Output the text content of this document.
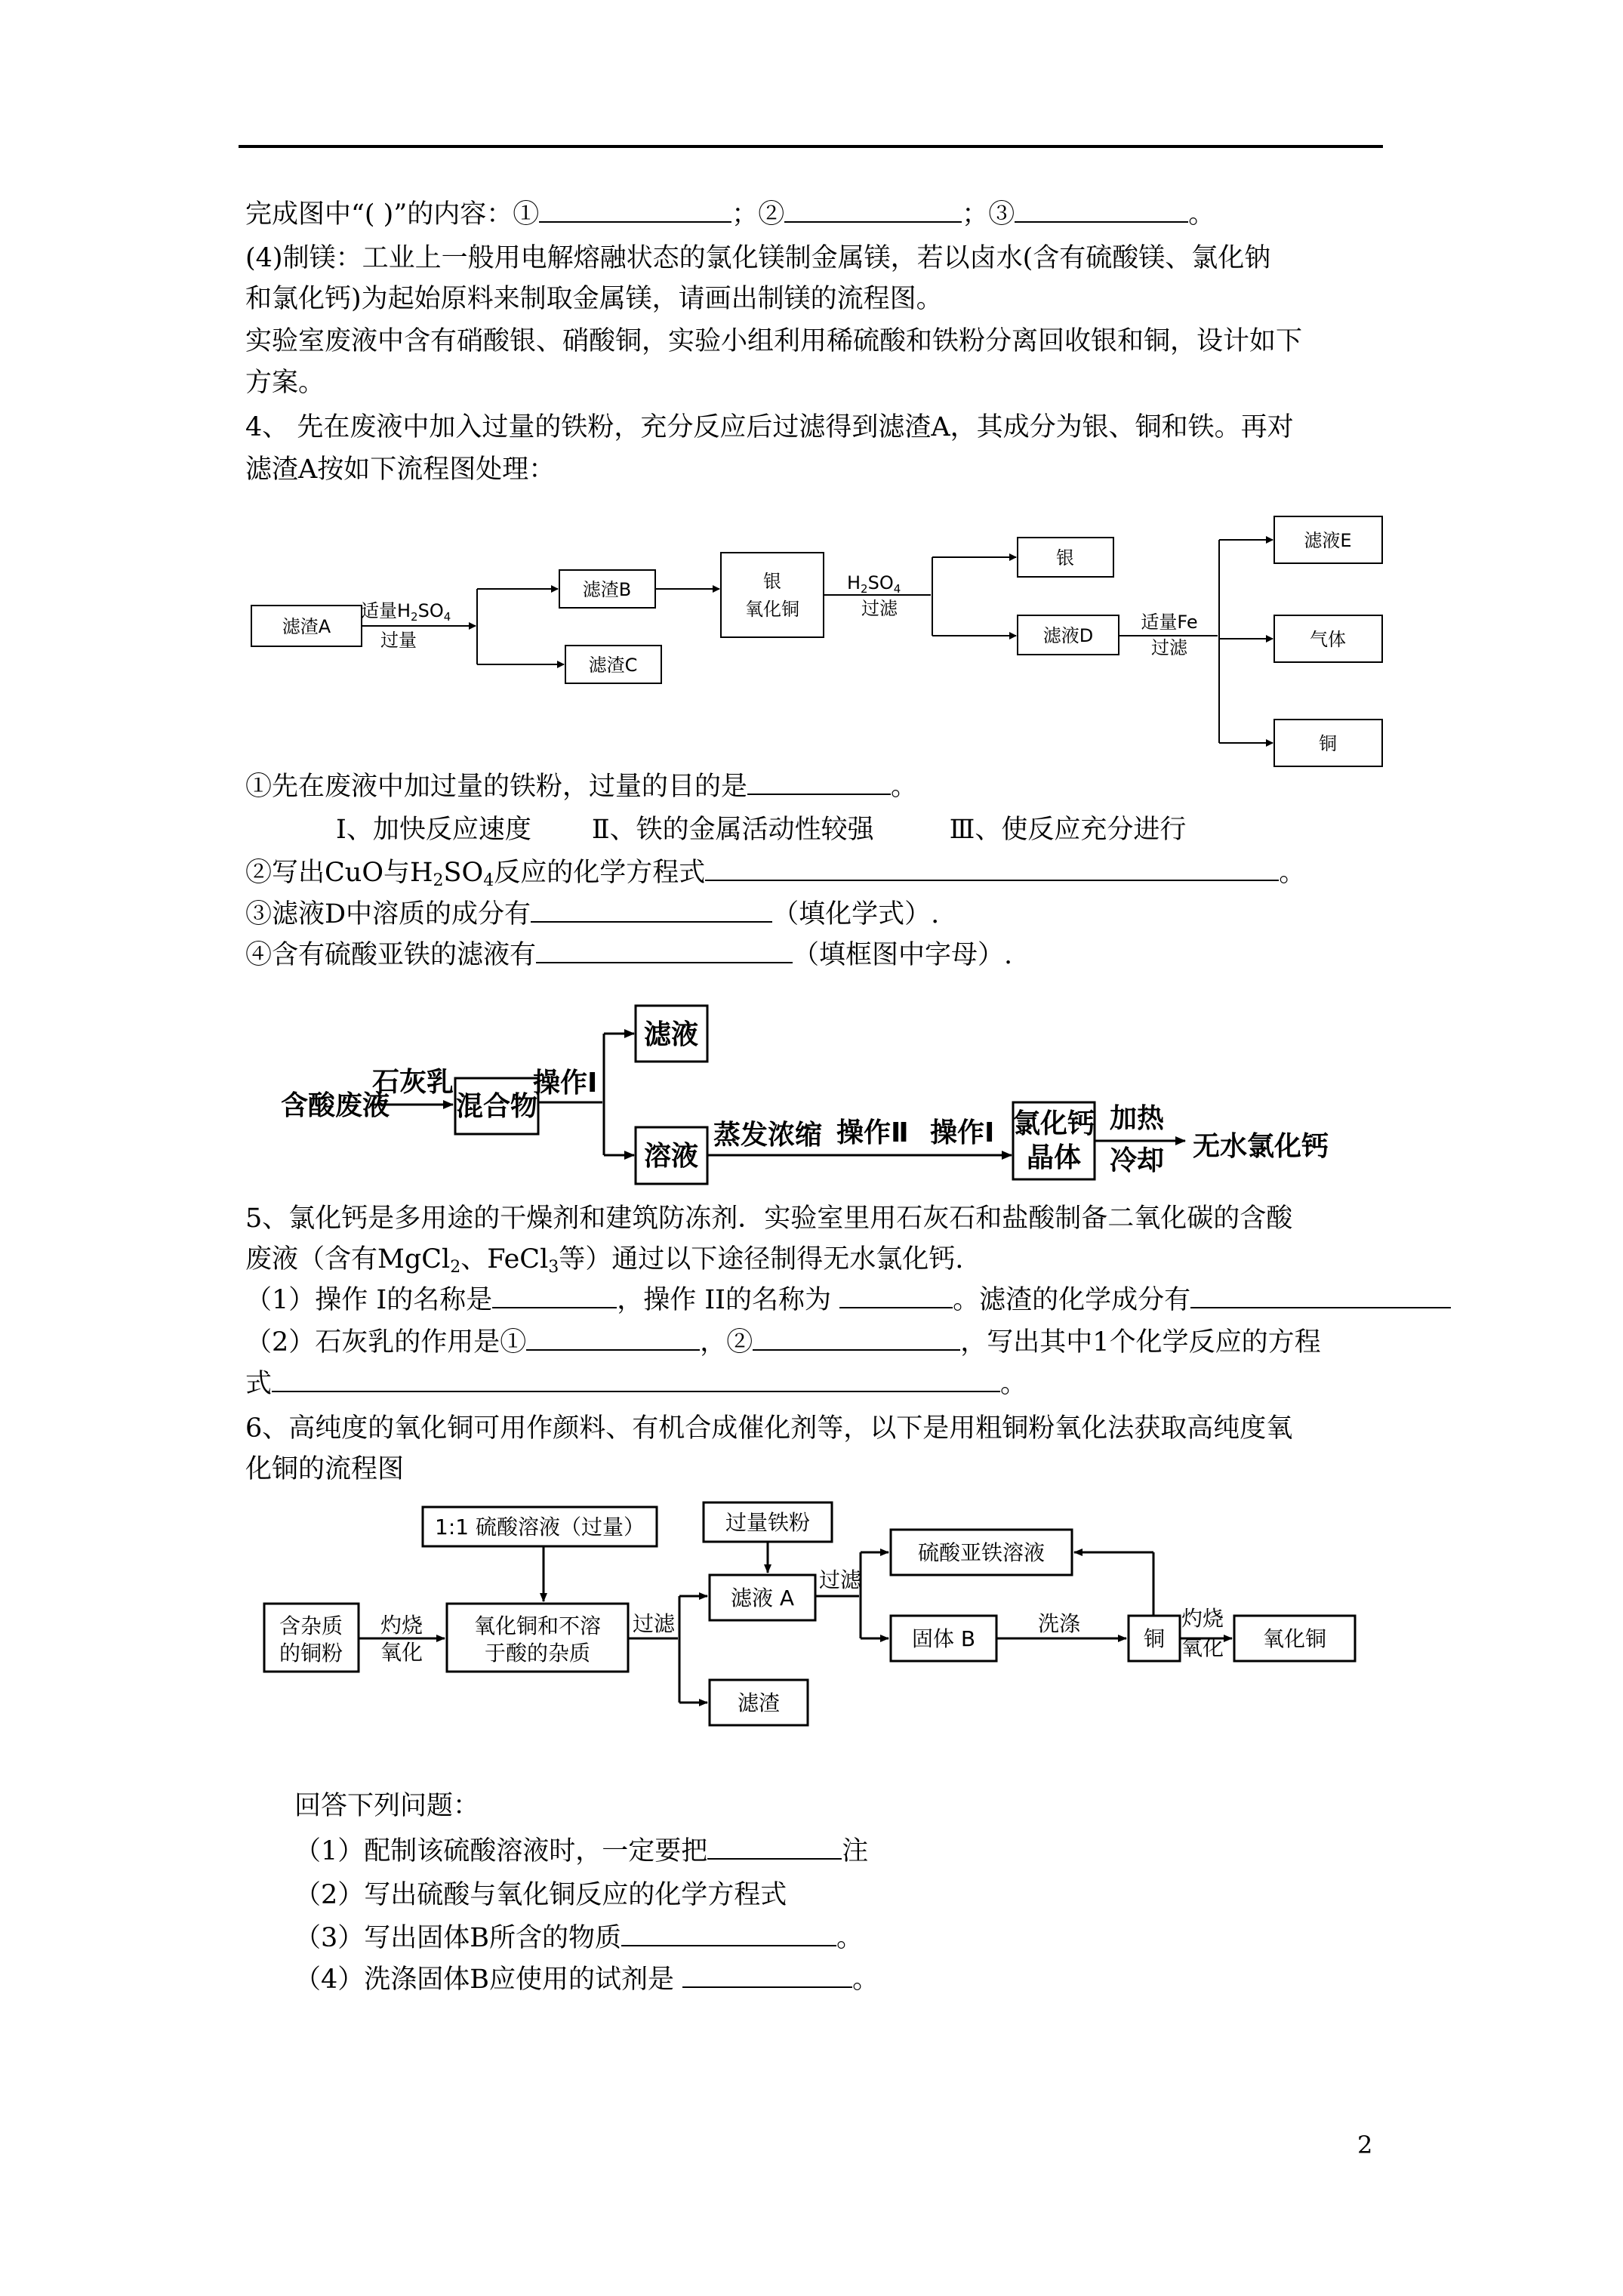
完成图中“( )”的内容：①	；②	；③	。
(4)制镁：工业上一般用电解熔融状态的氯化镁制金属镁，若以卤水(含有硫酸镁、氯化钠
和氯化钙)为起始原料来制取金属镁，请画出制镁的流程图。
实验室废液中含有硝酸银、硝酸铜，实验小组利用稀硫酸和铁粉分离回收银和铜，设计如下
方案。
4、 先在废液中加入过量的铁粉，充分反应后过滤得到滤渣A，其成分为银、铜和铁。再对
滤渣A按如下流程图处理：
滤渣A
滤渣B
滤渣C
银
氧化铜
银
滤液D
滤液E
气体
铜
适量$H_2SO_4$
过量
$H_2SO_4$
过滤
适量Fe
过滤
①先在废液中加过量的铁粉，过量的目的是	。
Ⅰ、加快反应速度 Ⅱ、铁的金属活动性较强	Ⅲ、使反应充分进行
②写出CuO与$H_2SO_4$反应的化学方程式	。
③滤液D中溶质的成分有	（填化学式）.
④含有硫酸亚铁的滤液有	（填框图中字母）.
含酸废液
石灰乳
混合物
操作Ⅰ
滤液
溶液
蒸发浓缩 操作Ⅱ 操作Ⅰ 氯化钙
晶体
加热
冷却 无水氯化钙
5、氯化钙是多用途的干燥剂和建筑防冻剂．实验室里用石灰石和盐酸制备二氧化碳的含酸
废液（含有MgCl$_2$、FeCl$_3$等）通过以下途径制得无水氯化钙.
（1）操作 I的名称是	，操作 II的名称为	。滤渣的化学成分有
（2）石灰乳的作用是①	，②	，写出其中1个化学反应的方程
式	。
6、高纯度的氧化铜可用作颜料、有机合成催化剂等，以下是用粗铜粉氧化法获取高纯度氧
化铜的流程图
1:1 硫酸溶液（过量）	过量铁粉
含杂质
的铜粉
灼烧
氧化
氧化铜和不溶
于酸的杂质
过滤
滤液 A
过滤
滤渣
硫酸亚铁溶液
固体 B
洗涤
铜
灼烧
氧化 氧化铜
回答下列问题：
（1）配制该硫酸溶液时，一定要把	注
（2）写出硫酸与氧化铜反应的化学方程式
（3）写出固体B所含的物质	。
（4）洗涤固体B应使用的试剂是	。
2
